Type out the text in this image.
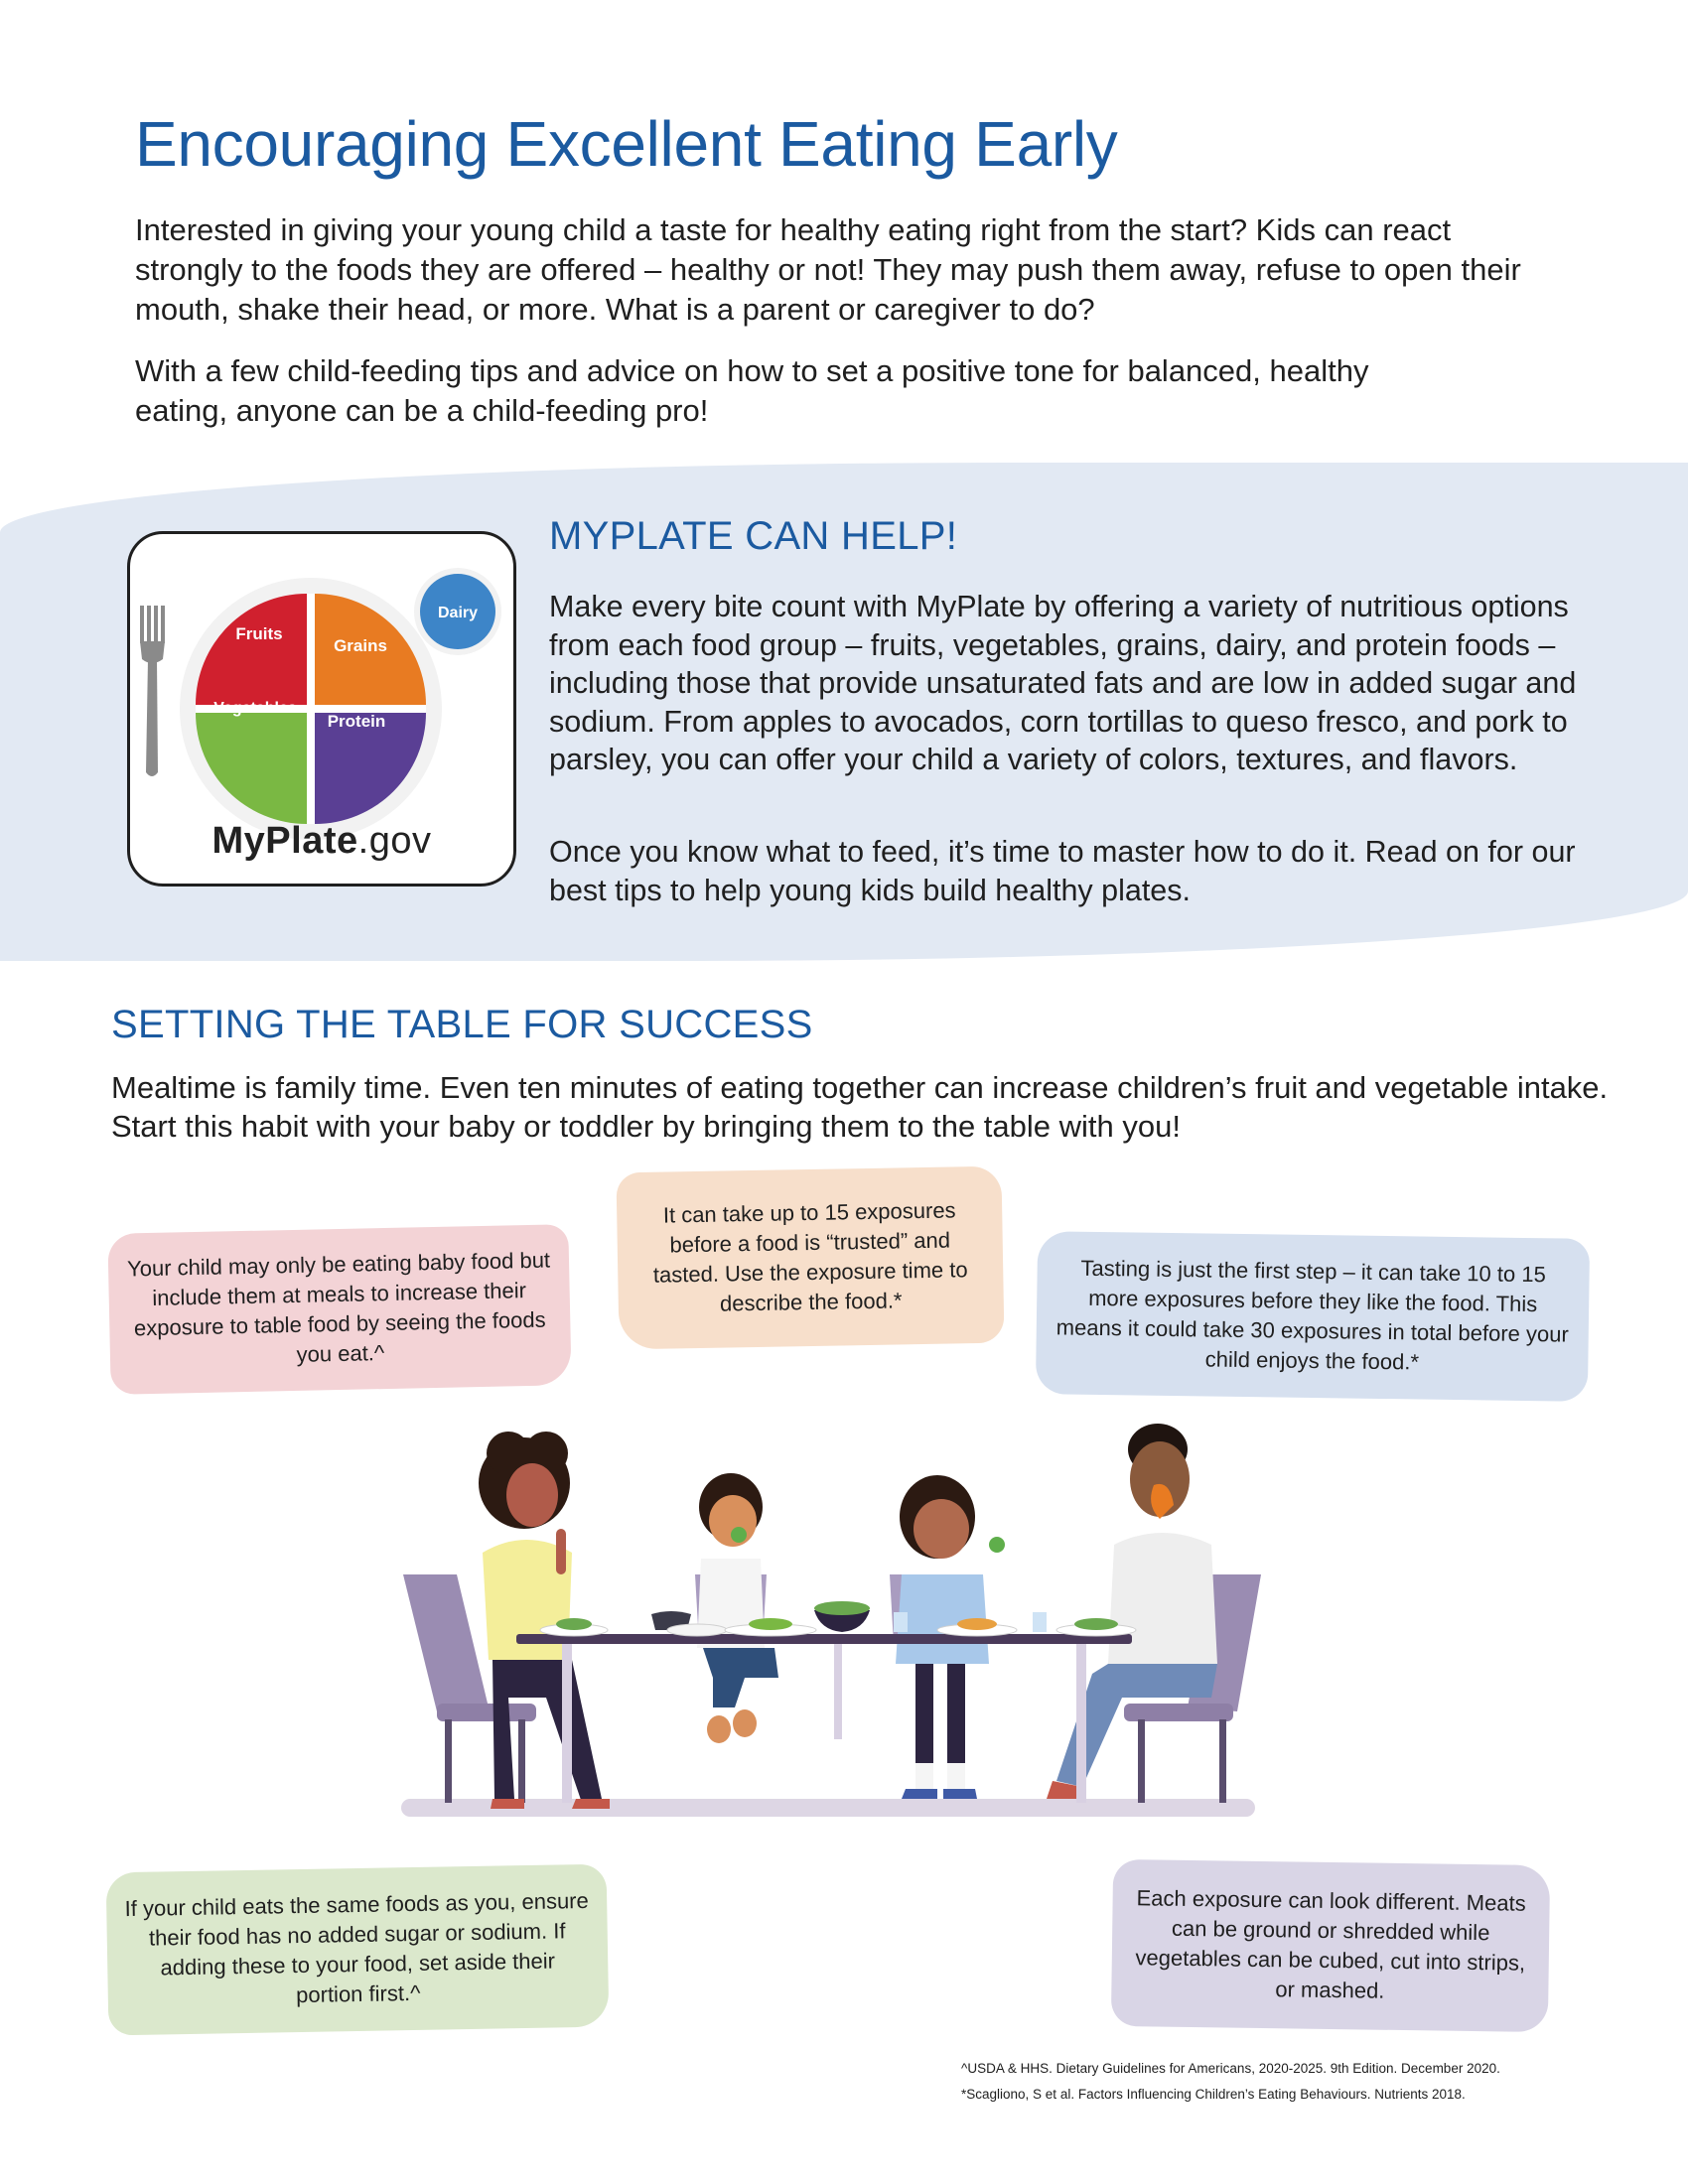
Encouraging Excellent Eating Early

Interested in giving your young child a taste for healthy eating right from the start? Kids can react strongly to the foods they are offered – healthy or not! They may push them away, refuse to open their mouth, shake their head, or more. What is a parent or caregiver to do?

With a few child-feeding tips and advice on how to set a positive tone for balanced, healthy eating, anyone can be a child-feeding pro!

Fruits
Grains
Vegetables
Protein
Dairy
MyPlate.gov
MYPLATE CAN HELP!

Make every bite count with MyPlate by offering a variety of nutritious options from each food group – fruits, vegetables, grains, dairy, and protein foods – including those that provide unsaturated fats and are low in added sugar and sodium. From apples to avocados, corn tortillas to queso fresco, and pork to parsley, you can offer your child a variety of colors, textures, and flavors.

Once you know what to feed, it’s time to master how to do it. Read on for our best tips to help young kids build healthy plates.

SETTING THE TABLE FOR SUCCESS

Mealtime is family time. Even ten minutes of eating together can increase children’s fruit and vegetable intake. Start this habit with your baby or toddler by bringing them to the table with you!

Your child may only be eating baby food but include them at meals to increase their exposure to table food by seeing the foods you eat.^
It can take up to 15 exposures before a food is “trusted” and tasted. Use the exposure time to describe the food.*
Tasting is just the first step – it can take 10 to 15 more exposures before they like the food. This means it could take 30 exposures in total before your child enjoys the food.*
If your child eats the same foods as you, ensure their food has no added sugar or sodium. If adding these to your food, set aside their portion first.^
Each exposure can look different. Meats can be ground or shredded while vegetables can be cubed, cut into strips, or mashed.

^USDA & HHS. Dietary Guidelines for Americans, 2020-2025. 9th Edition. December 2020.

*Scagliono, S et al. Factors Influencing Children’s Eating Behaviours. Nutrients 2018.
